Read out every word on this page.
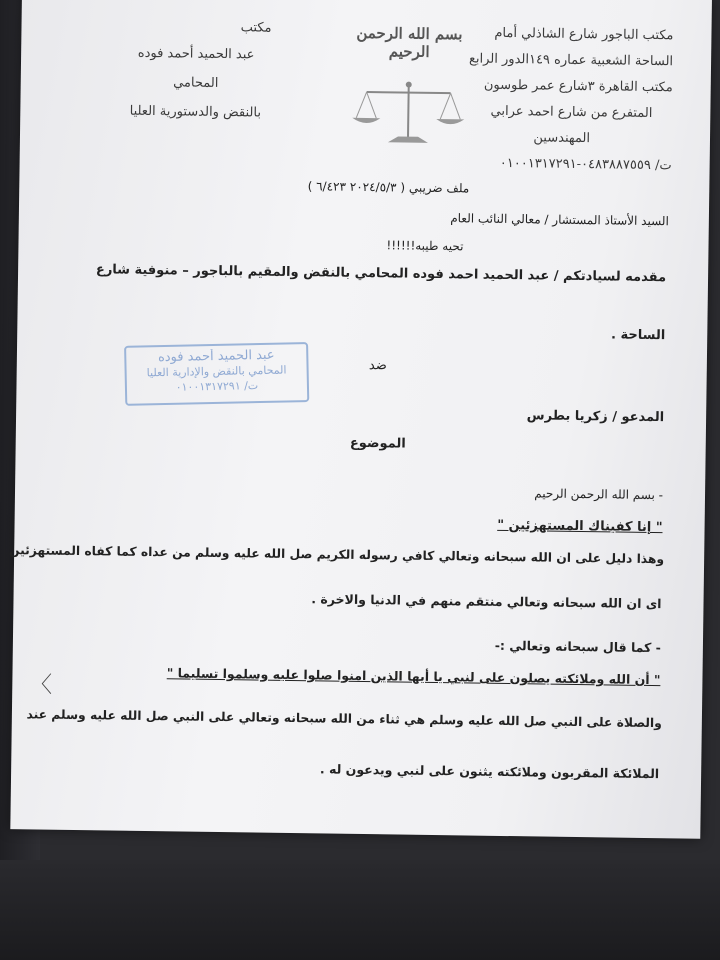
مكتب
عبد الحميد أحمد فوده
المحامي
بالنقض والدستورية العليا
بسم الله الرحمن الرحيم
مكتب الباجور شارع الشاذلي أمام
الساحة الشعبية عماره ١٤٩الدور الرابع
مكتب القاهرة ٣شارع عمر طوسون
المتفرع من شارع احمد عرابي
المهندسين
ت/ ٠٤٨٣٨٨٧٥٥٩-٠١٠٠١٣١٧٢٩١
ملف ضريبي ( ٢٠٢٤/٥/٣ ٦/٤٢٣ )
السيد الأستاذ المستشار / معالي النائب العام
تحيه طيبه!!!!!!
مقدمه لسيادتكم / عبد الحميد احمد فوده المحامي بالنقض والمقيم بالباجور – منوفية شارع
الساحة .
عبد الحميد أحمد فوده
المحامي بالنقض والإدارية العليا
ت/ ٠١٠٠١٣١٧٢٩١
ضد
المدعو / زكريا بطرس
الموضوع
- بسم الله الرحمن الرحيم
" إنا كفيناك المستهزئين "
وهذا دليل على ان الله سبحانه وتعالي كافي رسوله الكريم صل الله عليه وسلم من عداه كما كفاه المستهزئين
اى ان الله سبحانه وتعالي منتقم منهم في الدنيا والاخرة .
- كما قال سبحانه وتعالي :-
" أن الله وملائكته يصلون على لنبي يا أيها الذين امنوا صلوا عليه وسلموا تسليما "
والصلاة على النبي صل الله عليه وسلم هي ثناء من الله سبحانه وتعالي على النبي صل الله عليه وسلم عند
الملائكة المقربون وملائكته يثنون على لنبي ويدعون له .
〈
